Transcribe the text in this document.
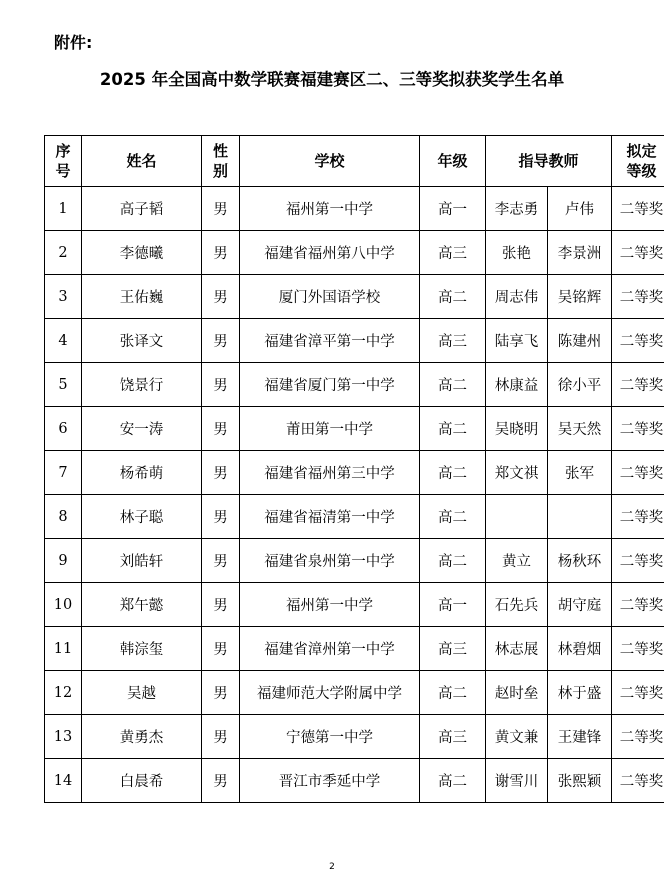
附件:
2025 年全国高中数学联赛福建赛区二、三等奖拟获奖学生名单
序号	姓名	性别	学校	年级	指导教师		拟定等级
1	高子韬	男	福州第一中学	高一	李志勇	卢伟	二等奖
2	李德曦	男	福建省福州第八中学	高三	张艳	李景洲	二等奖
3	王佑巍	男	厦门外国语学校	高二	周志伟	吴铭辉	二等奖
4	张译文	男	福建省漳平第一中学	高三	陆享飞	陈建州	二等奖
5	饶景行	男	福建省厦门第一中学	高二	林康益	徐小平	二等奖
6	安一涛	男	莆田第一中学	高二	吴晓明	吴天然	二等奖
7	杨希萌	男	福建省福州第三中学	高二	郑文祺	张军	二等奖
8	林子聪	男	福建省福清第一中学	高二			二等奖
9	刘皓轩	男	福建省泉州第一中学	高二	黄立	杨秋环	二等奖
10	郑午懿	男	福州第一中学	高一	石先兵	胡守庭	二等奖
11	韩淙玺	男	福建省漳州第一中学	高三	林志展	林碧烟	二等奖
12	吴越	男	福建师范大学附属中学	高二	赵时垒	林于盛	二等奖
13	黄勇杰	男	宁德第一中学	高三	黄文兼	王建锋	二等奖
14	白晨希	男	晋江市季延中学	高二	谢雪川	张熙颖	二等奖
2
